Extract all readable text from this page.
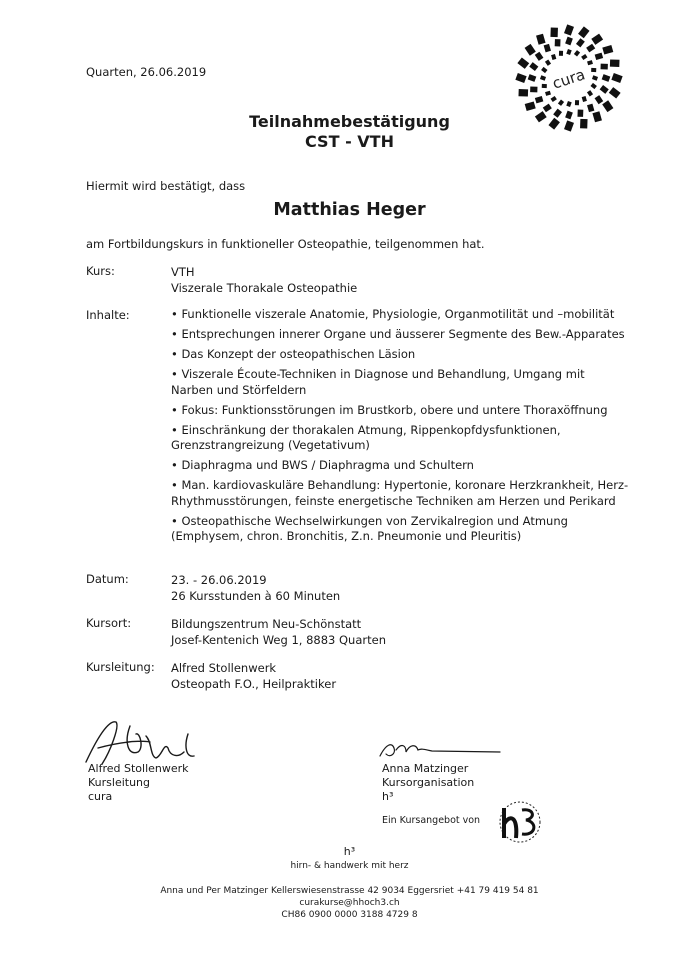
Quarten, 26.06.2019	cura
Teilnahmebestätigung
CST - VTH
Hiermit wird bestätigt, dass
Matthias Heger
am Fortbildungskurs in funktioneller Osteopathie, teilgenommen hat.
Kurs:	VTH
Viszerale Thorakale Osteopathie
Inhalte:	• Funktionelle viszerale Anatomie, Physiologie, Organmotilität und –mobilität
• Entsprechungen innerer Organe und äusserer Segmente des Bew.-Apparates
• Das Konzept der osteopathischen Läsion
• Viszerale Écoute-Techniken in Diagnose und Behandlung, Umgang mit
Narben und Störfeldern
• Fokus: Funktionsstörungen im Brustkorb, obere und untere Thoraxöffnung
• Einschränkung der thorakalen Atmung, Rippenkopfdysfunktionen,
Grenzstrangreizung (Vegetativum)
• Diaphragma und BWS / Diaphragma und Schultern
• Man. kardiovaskuläre Behandlung: Hypertonie, koronare Herzkrankheit, Herz-
Rhythmusstörungen, feinste energetische Techniken am Herzen und Perikard
• Osteopathische Wechselwirkungen von Zervikalregion und Atmung
(Emphysem, chron. Bronchitis, Z.n. Pneumonie und Pleuritis)
Datum:	23. - 26.06.2019
26 Kursstunden à 60 Minuten
Kursort:	Bildungszentrum Neu-Schönstatt
Josef-Kentenich Weg 1, 8883 Quarten
Kursleitung: Alfred Stollenwerk
Osteopath F.O., Heilpraktiker
Alfred Stollenwerk
Kursleitung
cura
Anna Matzinger
Kursorganisation
h³
Ein Kursangebot von
h³
hirn- & handwerk mit herz
Anna und Per Matzinger Kellerswiesenstrasse 42 9034 Eggersriet +41 79 419 54 81
curakurse@hhoch3.ch
CH86 0900 0000 3188 4729 8
